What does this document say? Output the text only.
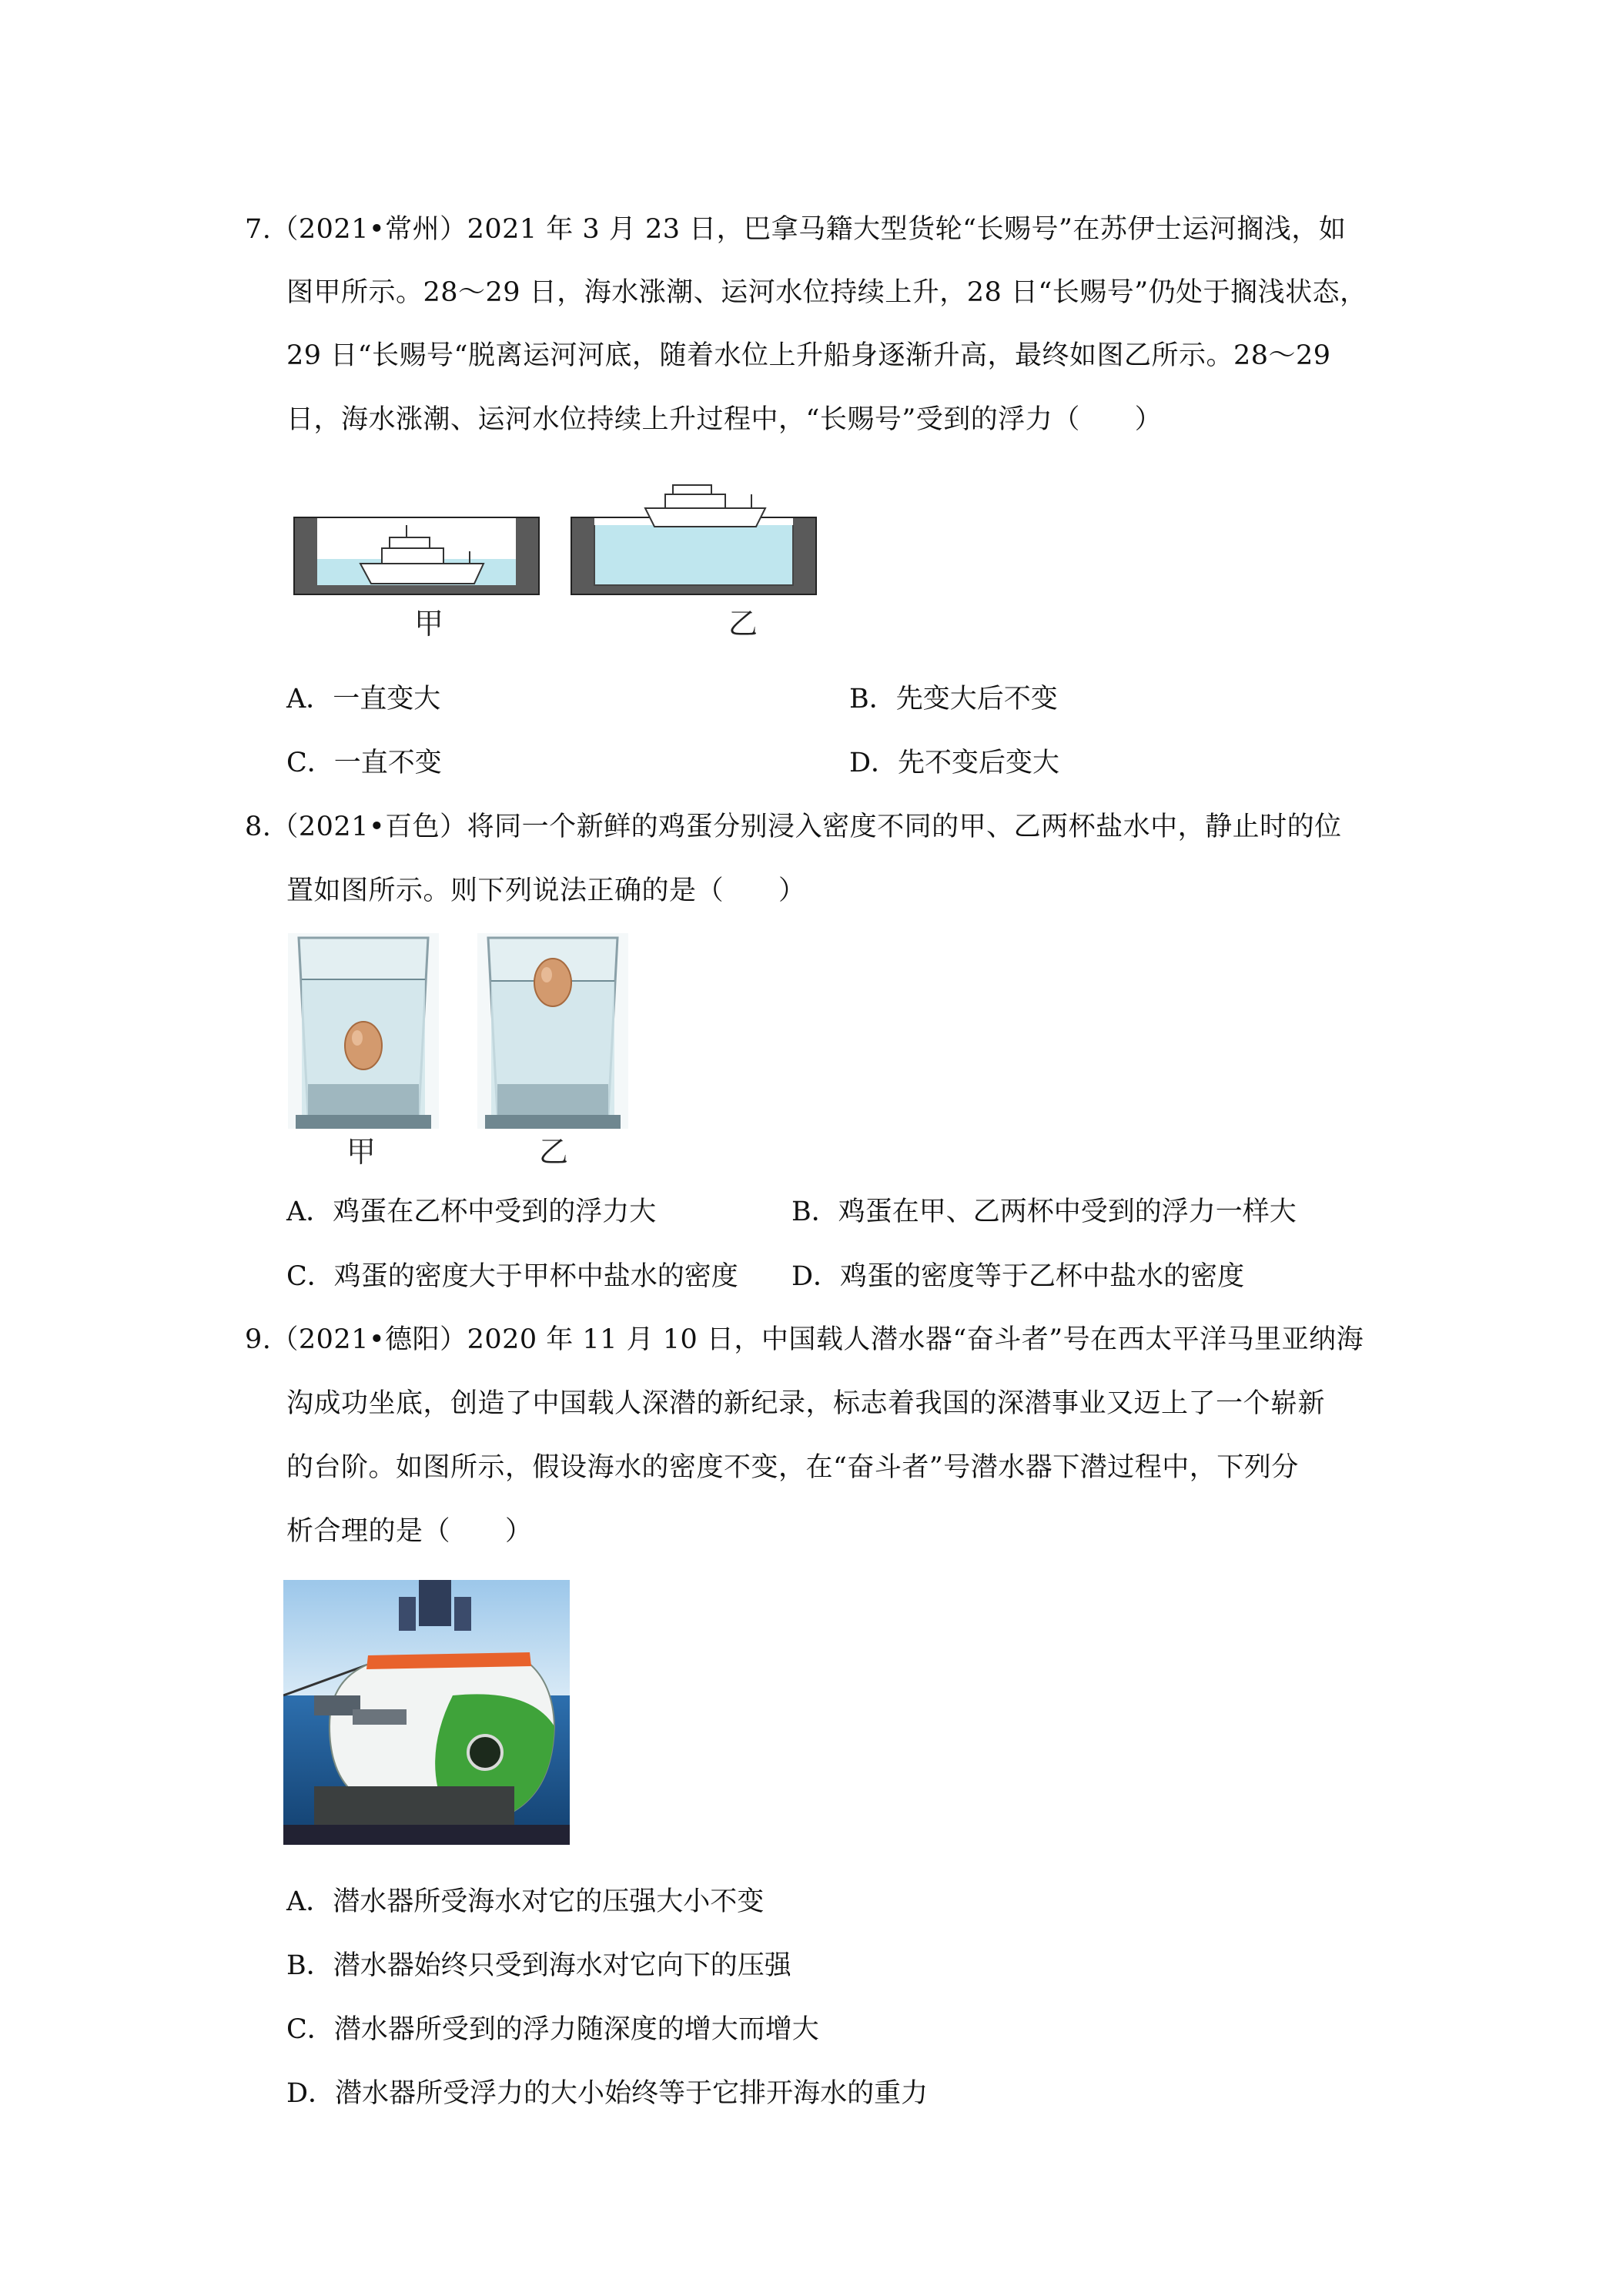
7.（2021•常州）2021 年 3 月 23 日，巴拿马籍大型货轮“长赐号”在苏伊士运河搁浅，如
图甲所示。28～29 日，海水涨潮、运河水位持续上升，28 日“长赐号”仍处于搁浅状态，
29 日“长赐号“脱离运河河底，随着水位上升船身逐渐升高，最终如图乙所示。28～29
日，海水涨潮、运河水位持续上升过程中，“长赐号”受到的浮力（　　）
甲	乙
A．一直变大	B．先变大后不变
C．一直不变	D．先不变后变大
8.（2021•百色）将同一个新鲜的鸡蛋分别浸入密度不同的甲、乙两杯盐水中，静止时的位
置如图所示。则下列说法正确的是（　　）
甲	乙
A．鸡蛋在乙杯中受到的浮力大	B．鸡蛋在甲、乙两杯中受到的浮力一样大
C．鸡蛋的密度大于甲杯中盐水的密度 D．鸡蛋的密度等于乙杯中盐水的密度
9.（2021•德阳）2020 年 11 月 10 日，中国载人潜水器“奋斗者”号在西太平洋马里亚纳海
沟成功坐底，创造了中国载人深潜的新纪录，标志着我国的深潜事业又迈上了一个崭新
的台阶。如图所示，假设海水的密度不变，在“奋斗者”号潜水器下潜过程中，下列分
析合理的是（　　）
A．潜水器所受海水对它的压强大小不变
B．潜水器始终只受到海水对它向下的压强
C．潜水器所受到的浮力随深度的增大而增大
D．潜水器所受浮力的大小始终等于它排开海水的重力
